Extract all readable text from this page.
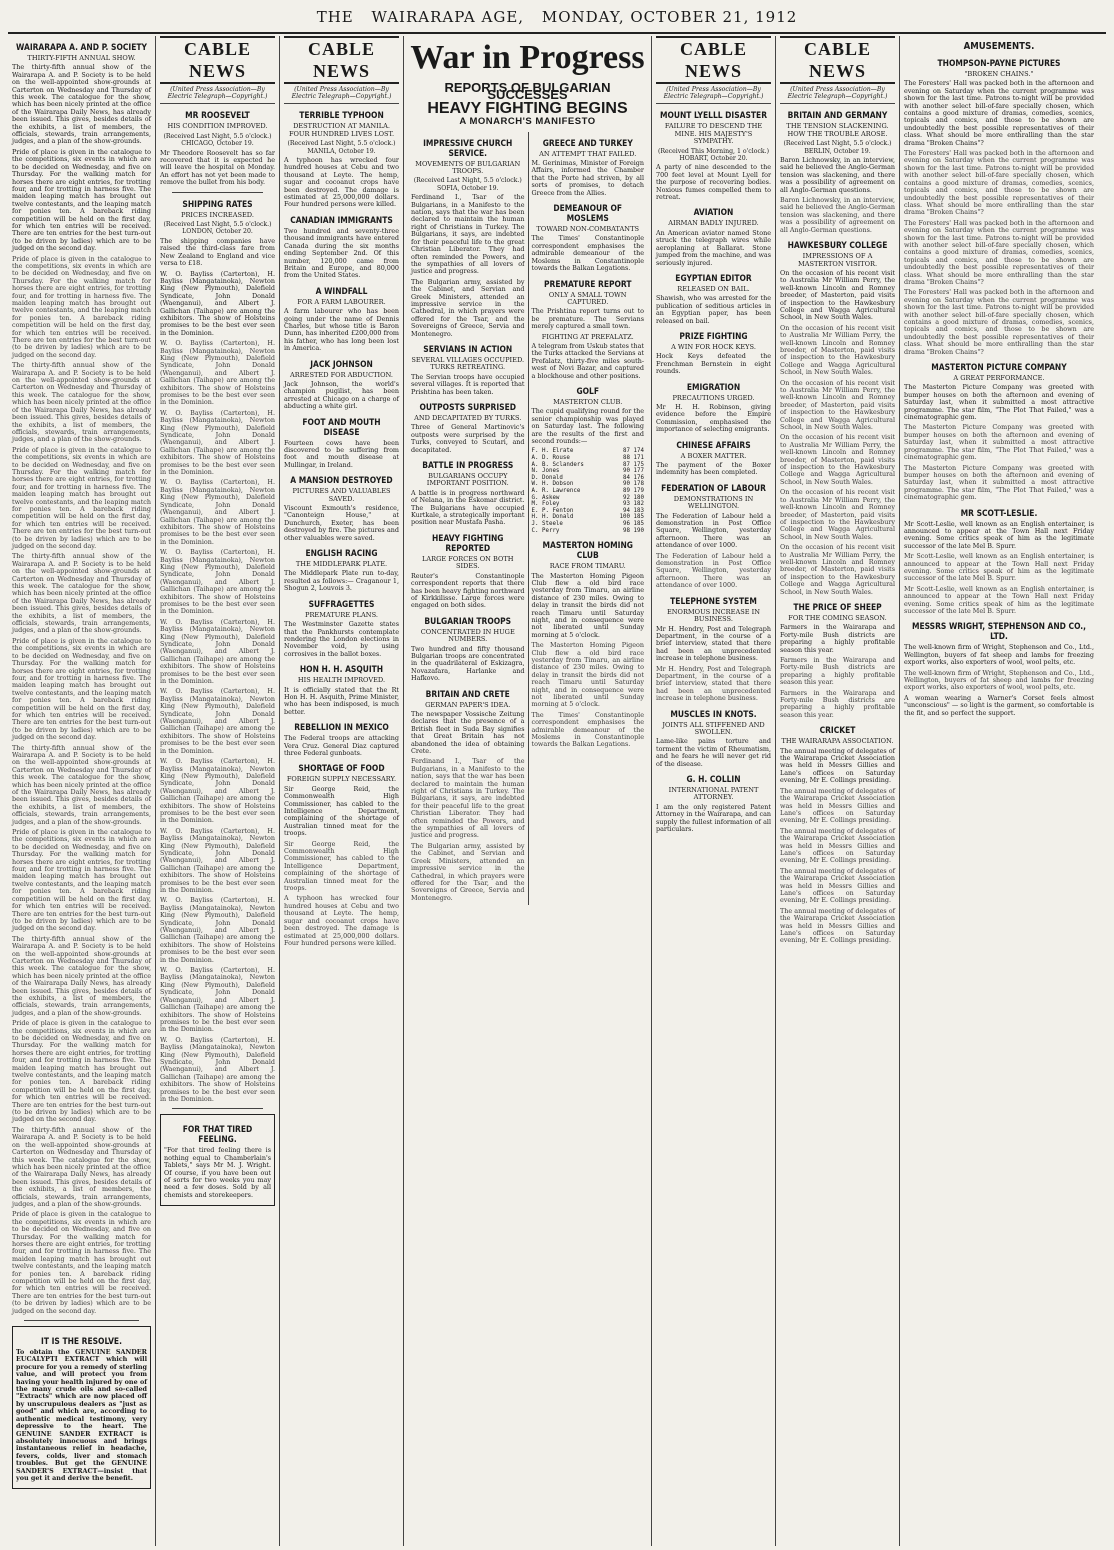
THE WAIRARAPA AGE, MONDAY, OCTOBER 21, 1912
WAIRARAPA A. AND P. SOCIETY
THIRTY-FIFTH ANNUAL SHOW.

The thirty-fifth annual show of the Wairarapa A. and P. Society is to be held on the well-appointed show-grounds at Carterton on Wednesday and Thursday of this week. The catalogue for the show, which has been nicely printed at the office of the Wairarapa Daily News, has already been issued. This gives, besides details of the exhibits, a list of members, the officials, stewards, train arrangements, judges, and a plan of the show-grounds.

Pride of place is given in the catalogue to the competitions, six events in which are to be decided on Wednesday, and five on Thursday. For the walking match for horses there are eight entries, for trotting four, and for trotting in harness five. The maiden leaping match has brought out twelve contestants, and the leaping match for ponies ten. A bareback riding competition will be held on the first day, for which ten entries will be received. There are ten entries for the best turn-out (to be driven by ladies) which are to be judged on the second day.

Pride of place is given in the catalogue to the competitions, six events in which are to be decided on Wednesday, and five on Thursday. For the walking match for horses there are eight entries, for trotting four, and for trotting in harness five. The maiden leaping match has brought out twelve contestants, and the leaping match for ponies ten. A bareback riding competition will be held on the first day, for which ten entries will be received. There are ten entries for the best turn-out (to be driven by ladies) which are to be judged on the second day.

The thirty-fifth annual show of the Wairarapa A. and P. Society is to be held on the well-appointed show-grounds at Carterton on Wednesday and Thursday of this week. The catalogue for the show, which has been nicely printed at the office of the Wairarapa Daily News, has already been issued. This gives, besides details of the exhibits, a list of members, the officials, stewards, train arrangements, judges, and a plan of the show-grounds.

Pride of place is given in the catalogue to the competitions, six events in which are to be decided on Wednesday, and five on Thursday. For the walking match for horses there are eight entries, for trotting four, and for trotting in harness five. The maiden leaping match has brought out twelve contestants, and the leaping match for ponies ten. A bareback riding competition will be held on the first day, for which ten entries will be received. There are ten entries for the best turn-out (to be driven by ladies) which are to be judged on the second day.

The thirty-fifth annual show of the Wairarapa A. and P. Society is to be held on the well-appointed show-grounds at Carterton on Wednesday and Thursday of this week. The catalogue for the show, which has been nicely printed at the office of the Wairarapa Daily News, has already been issued. This gives, besides details of the exhibits, a list of members, the officials, stewards, train arrangements, judges, and a plan of the show-grounds.

Pride of place is given in the catalogue to the competitions, six events in which are to be decided on Wednesday, and five on Thursday. For the walking match for horses there are eight entries, for trotting four, and for trotting in harness five. The maiden leaping match has brought out twelve contestants, and the leaping match for ponies ten. A bareback riding competition will be held on the first day, for which ten entries will be received. There are ten entries for the best turn-out (to be driven by ladies) which are to be judged on the second day.

The thirty-fifth annual show of the Wairarapa A. and P. Society is to be held on the well-appointed show-grounds at Carterton on Wednesday and Thursday of this week. The catalogue for the show, which has been nicely printed at the office of the Wairarapa Daily News, has already been issued. This gives, besides details of the exhibits, a list of members, the officials, stewards, train arrangements, judges, and a plan of the show-grounds.

Pride of place is given in the catalogue to the competitions, six events in which are to be decided on Wednesday, and five on Thursday. For the walking match for horses there are eight entries, for trotting four, and for trotting in harness five. The maiden leaping match has brought out twelve contestants, and the leaping match for ponies ten. A bareback riding competition will be held on the first day, for which ten entries will be received. There are ten entries for the best turn-out (to be driven by ladies) which are to be judged on the second day.

The thirty-fifth annual show of the Wairarapa A. and P. Society is to be held on the well-appointed show-grounds at Carterton on Wednesday and Thursday of this week. The catalogue for the show, which has been nicely printed at the office of the Wairarapa Daily News, has already been issued. This gives, besides details of the exhibits, a list of members, the officials, stewards, train arrangements, judges, and a plan of the show-grounds.

Pride of place is given in the catalogue to the competitions, six events in which are to be decided on Wednesday, and five on Thursday. For the walking match for horses there are eight entries, for trotting four, and for trotting in harness five. The maiden leaping match has brought out twelve contestants, and the leaping match for ponies ten. A bareback riding competition will be held on the first day, for which ten entries will be received. There are ten entries for the best turn-out (to be driven by ladies) which are to be judged on the second day.

The thirty-fifth annual show of the Wairarapa A. and P. Society is to be held on the well-appointed show-grounds at Carterton on Wednesday and Thursday of this week. The catalogue for the show, which has been nicely printed at the office of the Wairarapa Daily News, has already been issued. This gives, besides details of the exhibits, a list of members, the officials, stewards, train arrangements, judges, and a plan of the show-grounds.

Pride of place is given in the catalogue to the competitions, six events in which are to be decided on Wednesday, and five on Thursday. For the walking match for horses there are eight entries, for trotting four, and for trotting in harness five. The maiden leaping match has brought out twelve contestants, and the leaping match for ponies ten. A bareback riding competition will be held on the first day, for which ten entries will be received. There are ten entries for the best turn-out (to be driven by ladies) which are to be judged on the second day.

IT IS THE RESOLVE.

To obtain the GENUINE SANDER EUCALYPTI EXTRACT which will procure for you a remedy of sterling value, and will protect you from having your health injured by one of the many crude oils and so-called "Extracts" which are now placed off by unscrupulous dealers as "just as good" and which are, according to authentic medical testimony, very depressive to the heart. The GENUINE SANDER EXTRACT is absolutely innocuous and brings instantaneous relief in headache, fevers, colds, liver and stomach troubles. But get the GENUINE SANDER'S EXTRACT—insist that you get it and derive the benefit.

CABLE NEWS
(United Press Association—By Electric Telegraph—Copyright.)
MR ROOSEVELT
HIS CONDITION IMPROVED.
(Received Last Night, 5.5 o'clock.) CHICAGO, October 19.

Mr Theodore Roosevelt has so far recovered that it is expected he will leave the hospital on Monday. An effort has not yet been made to remove the bullet from his body.

SHIPPING RATES
PRICES INCREASED.
(Received Last Night, 5.5 o'clock.) LONDON, October 20.

The shipping companies have raised the third-class fare from New Zealand to England and vice versa to £18.

W. O. Bayliss (Carterton), H. Bayliss (Mangatainoka), Newton King (New Plymouth), Dalefield Syndicate, John Donald (Waenganui), and Albert J. Gallichan (Taihape) are among the exhibitors. The show of Holsteins promises to be the best ever seen in the Dominion.

W. O. Bayliss (Carterton), H. Bayliss (Mangatainoka), Newton King (New Plymouth), Dalefield Syndicate, John Donald (Waenganui), and Albert J. Gallichan (Taihape) are among the exhibitors. The show of Holsteins promises to be the best ever seen in the Dominion.

W. O. Bayliss (Carterton), H. Bayliss (Mangatainoka), Newton King (New Plymouth), Dalefield Syndicate, John Donald (Waenganui), and Albert J. Gallichan (Taihape) are among the exhibitors. The show of Holsteins promises to be the best ever seen in the Dominion.

W. O. Bayliss (Carterton), H. Bayliss (Mangatainoka), Newton King (New Plymouth), Dalefield Syndicate, John Donald (Waenganui), and Albert J. Gallichan (Taihape) are among the exhibitors. The show of Holsteins promises to be the best ever seen in the Dominion.

W. O. Bayliss (Carterton), H. Bayliss (Mangatainoka), Newton King (New Plymouth), Dalefield Syndicate, John Donald (Waenganui), and Albert J. Gallichan (Taihape) are among the exhibitors. The show of Holsteins promises to be the best ever seen in the Dominion.

W. O. Bayliss (Carterton), H. Bayliss (Mangatainoka), Newton King (New Plymouth), Dalefield Syndicate, John Donald (Waenganui), and Albert J. Gallichan (Taihape) are among the exhibitors. The show of Holsteins promises to be the best ever seen in the Dominion.

W. O. Bayliss (Carterton), H. Bayliss (Mangatainoka), Newton King (New Plymouth), Dalefield Syndicate, John Donald (Waenganui), and Albert J. Gallichan (Taihape) are among the exhibitors. The show of Holsteins promises to be the best ever seen in the Dominion.

W. O. Bayliss (Carterton), H. Bayliss (Mangatainoka), Newton King (New Plymouth), Dalefield Syndicate, John Donald (Waenganui), and Albert J. Gallichan (Taihape) are among the exhibitors. The show of Holsteins promises to be the best ever seen in the Dominion.

W. O. Bayliss (Carterton), H. Bayliss (Mangatainoka), Newton King (New Plymouth), Dalefield Syndicate, John Donald (Waenganui), and Albert J. Gallichan (Taihape) are among the exhibitors. The show of Holsteins promises to be the best ever seen in the Dominion.

W. O. Bayliss (Carterton), H. Bayliss (Mangatainoka), Newton King (New Plymouth), Dalefield Syndicate, John Donald (Waenganui), and Albert J. Gallichan (Taihape) are among the exhibitors. The show of Holsteins promises to be the best ever seen in the Dominion.

W. O. Bayliss (Carterton), H. Bayliss (Mangatainoka), Newton King (New Plymouth), Dalefield Syndicate, John Donald (Waenganui), and Albert J. Gallichan (Taihape) are among the exhibitors. The show of Holsteins promises to be the best ever seen in the Dominion.

W. O. Bayliss (Carterton), H. Bayliss (Mangatainoka), Newton King (New Plymouth), Dalefield Syndicate, John Donald (Waenganui), and Albert J. Gallichan (Taihape) are among the exhibitors. The show of Holsteins promises to be the best ever seen in the Dominion.

FOR THAT TIRED FEELING.

"For that tired feeling there is nothing equal to Chamberlain's Tablets," says Mr M. J. Wright. Of course, if you have been out of sorts for two weeks you may need a few doses. Sold by all chemists and storekeepers.

CABLE NEWS
(United Press Association—By Electric Telegraph—Copyright.)
TERRIBLE TYPHOON
DESTRUCTION AT MANILA. FOUR HUNDRED LIVES LOST.
(Received Last Night, 5.5 o'clock.) MANILA, October 19.

A typhoon has wrecked four hundred houses at Cebu and two thousand at Leyte. The hemp, sugar and cocoanut crops have been destroyed. The damage is estimated at 25,000,000 dollars. Four hundred persons were killed.

CANADIAN IMMIGRANTS

Two hundred and seventy-three thousand immigrants have entered Canada during the six months ending September 2nd. Of this number, 120,000 came from Britain and Europe, and 80,000 from the United States.

A WINDFALL
FOR A FARM LABOURER.

A farm labourer who has been going under the name of Dennis Charles, but whose title is Baron Dunn, has inherited £200,000 from his father, who has long been lost in America.

JACK JOHNSON
ARRESTED FOR ABDUCTION.

Jack Johnson, the world's champion pugilist, has been arrested at Chicago on a charge of abducting a white girl.

FOOT AND MOUTH DISEASE

Fourteen cows have been discovered to be suffering from foot and mouth disease at Mullingar, in Ireland.

A MANSION DESTROYED
PICTURES AND VALUABLES SAVED.

Viscount Exmouth's residence, "Canonteign House," at Dunchurch, Exeter, has been destroyed by fire. The pictures and other valuables were saved.

ENGLISH RACING
THE MIDDLEPARK PLATE.

The Middlepark Plate run to-day, resulted as follows:— Craganour 1, Shogun 2, Louvois 3.

SUFFRAGETTES
PREMATURE PLANS.

The Westminster Gazette states that the Pankhursts contemplate rendering the London elections in November void, by using corrosives in the ballot boxes.

HON H. H. ASQUITH
HIS HEALTH IMPROVED.

It is officially stated that the Rt Hon H. H. Asquith, Prime Minister, who has been indisposed, is much better.

REBELLION IN MEXICO

The Federal troops are attacking Vera Cruz. General Diaz captured three Federal gunboats.

SHORTAGE OF FOOD
FOREIGN SUPPLY NECESSARY.

Sir George Reid, the Commonwealth High Commissioner, has cabled to the Intelligence Department, complaining of the shortage of Australian tinned meat for the troops.

Sir George Reid, the Commonwealth High Commissioner, has cabled to the Intelligence Department, complaining of the shortage of Australian tinned meat for the troops.

A typhoon has wrecked four hundred houses at Cebu and two thousand at Leyte. The hemp, sugar and cocoanut crops have been destroyed. The damage is estimated at 25,000,000 dollars. Four hundred persons were killed.

War in Progress
REPORTS OF BULGARIAN SUCCESSES
HEAVY FIGHTING BEGINS
A MONARCH'S MANIFESTO
IMPRESSIVE CHURCH SERVICE.
MOVEMENTS OF BULGARIAN TROOPS.
(Received Last Night, 5.5 o'clock.) SOFIA, October 19.

Ferdinand I., Tsar of the Bulgarians, in a Manifesto to the nation, says that the war has been declared to maintain the human right of Christians in Turkey. The Bulgarians, it says, are indebted for their peaceful life to the great Christian Liberator. They had often reminded the Powers, and the sympathies of all lovers of justice and progress.

The Bulgarian army, assisted by the Cabinet, and Servian and Greek Ministers, attended an impressive service in the Cathedral, in which prayers were offered for the Tsar, and the Sovereigns of Greece, Servia and Montenegro.

SERVIANS IN ACTION
SEVERAL VILLAGES OCCUPIED. TURKS RETREATING.

The Servian troops have occupied several villages. It is reported that Prishtina has been taken.

OUTPOSTS SURPRISED
AND DECAPITATED BY TURKS.

Three of General Martinovic's outposts were surprised by the Turks, conveyed to Scutari, and decapitated.

BATTLE IN PROGRESS
BULGARIANS OCCUPY IMPORTANT POSITION.

A battle is in progress northward of Nelana, in the Eskomar district. The Bulgarians have occupied Kurtkale, a strategically important position near Mustafa Pasha.

HEAVY FIGHTING REPORTED
LARGE FORCES ON BOTH SIDES.

Reuter's Constantinople correspondent reports that there has been heavy fighting northward of Kirkkilisse. Large forces were engaged on both sides.

BULGARIAN TROOPS
CONCENTRATED IN HUGE NUMBERS.

Two hundred and fifty thousand Bulgarian troops are concentrated in the quadrilateral of Eskizagra, Novazafara, Harlanke and Hafkovo.

BRITAIN AND CRETE
GERMAN PAPER'S IDEA.

The newspaper Vossische Zeitung declares that the presence of a British fleet in Suda Bay signifies that Great Britain has not abandoned the idea of obtaining Crete.

Ferdinand I., Tsar of the Bulgarians, in a Manifesto to the nation, says that the war has been declared to maintain the human right of Christians in Turkey. The Bulgarians, it says, are indebted for their peaceful life to the great Christian Liberator. They had often reminded the Powers, and the sympathies of all lovers of justice and progress.

The Bulgarian army, assisted by the Cabinet, and Servian and Greek Ministers, attended an impressive service in the Cathedral, in which prayers were offered for the Tsar, and the Sovereigns of Greece, Servia and Montenegro.

GREECE AND TURKEY
AN ATTEMPT THAT FAILED.

M. Gerinimas, Minister of Foreign Affairs, informed the Chamber that the Porte had striven, by all sorts of promises, to detach Greece from the Allies.

DEMEANOUR OF MOSLEMS
TOWARD NON-COMBATANTS

The Times' Constantinople correspondent emphasises the admirable demeanour of the Moslems in Constantinople towards the Balkan Legations.

PREMATURE REPORT
ONLY A SMALL TOWN CAPTURED.

The Prishtina report turns out to be premature. The Servians merely captured a small town.

FIGHTING AT PREFALATZ.

A telegram from Uskub states that the Turks attacked the Servians at Prefalatz, thirty-five miles south-west of Novi Bazar, and captured a blockhouse and other positions.

GOLF
MASTERTON CLUB.

The cupid qualifying round for the senior championship was played on Saturday last. The following are the results of the first and second rounds:—

F. H. Elrate	87 174
A. D. Rouse	88 171
A. B. Sclanders	87 175
N. Jones	90 177
D. Donald	84 176
W. H. Dobson	90 178
A. R. Lawrence	89 179
G. Askew	92 180
M. Foley	93 182
E. P. Fenton	94 183
H. H. Donald	100 185
J. Steele	96 185
C. Perry	98 190
MASTERTON HOMING CLUB
RACE FROM TIMARU.

The Masterton Homing Pigeon Club flew a old bird race yesterday from Timaru, an airline distance of 230 miles. Owing to delay in transit the birds did not reach Timaru until Saturday night, and in consequence were not liberated until Sunday morning at 5 o'clock.

The Masterton Homing Pigeon Club flew a old bird race yesterday from Timaru, an airline distance of 230 miles. Owing to delay in transit the birds did not reach Timaru until Saturday night, and in consequence were not liberated until Sunday morning at 5 o'clock.

The Times' Constantinople correspondent emphasises the admirable demeanour of the Moslems in Constantinople towards the Balkan Legations.

CABLE NEWS
(United Press Association—By Electric Telegraph—Copyright.)
MOUNT LYELLL DISASTER
FAILURE TO DESCEND THE MINE. HIS MAJESTY'S SYMPATHY.
(Received This Morning, 1 o'clock.) HOBART, October 20.

A party of nine descended to the 700 feet level at Mount Lyell for the purpose of recovering bodies. Noxious fumes compelled them to retreat.

AVIATION
AIRMAN BADLY INJURED.

An American aviator named Stone struck the telegraph wires while aeroplaning at Ballarat. Stone jumped from the machine, and was seriously injured.

EGYPTIAN EDITOR
RELEASED ON BAIL.

Shawish, who was arrested for the publication of seditious articles in an Egyptian paper, has been released on bail.

PRIZE FIGHTING
A WIN FOR HOCK KEYS.

Hock Keys defeated the Frenchman Bernstein in eight rounds.

EMIGRATION
PRECAUTIONS URGED.

Mr H. H. Robinson, giving evidence before the Empire Commission, emphasised the importance of selecting emigrants.

CHINESE AFFAIRS
A BOXER MATTER.

The payment of the Boxer indemnity has been completed.

FEDERATION OF LABOUR
DEMONSTRATIONS IN WELLINGTON.

The Federation of Labour held a demonstration in Post Office Square, Wellington, yesterday afternoon. There was an attendance of over 1000.

The Federation of Labour held a demonstration in Post Office Square, Wellington, yesterday afternoon. There was an attendance of over 1000.

TELEPHONE SYSTEM
ENORMOUS INCREASE IN BUSINESS.

Mr H. Hendry, Post and Telegraph Department, in the course of a brief interview, stated that there had been an unprecedented increase in telephone business.

Mr H. Hendry, Post and Telegraph Department, in the course of a brief interview, stated that there had been an unprecedented increase in telephone business.

MUSCLES IN KNOTS.
JOINTS ALL STIFFENED AND SWOLLEN.

Lame-like pains torture and torment the victim of Rheumatism, and he fears he will never get rid of the disease.

G. H. COLLIN
INTERNATIONAL PATENT ATTORNEY.

I am the only registered Patent Attorney in the Wairarapa, and can supply the fullest information of all particulars.

CABLE NEWS
(United Press Association—By Electric Telegraph—Copyright.)
BRITAIN AND GERMANY
THE TENSION SLACKENING. HOW THE TROUBLE AROSE.
(Received Last Night, 5.5 o'clock.) BERLIN, October 19.

Baron Lichnowsky, in an interview, said he believed the Anglo-German tension was slackening, and there was a possibility of agreement on all Anglo-German questions.

Baron Lichnowsky, in an interview, said he believed the Anglo-German tension was slackening, and there was a possibility of agreement on all Anglo-German questions.

HAWKESBURY COLLEGE
IMPRESSIONS OF A MASTERTON VISITOR.

On the occasion of his recent visit to Australia Mr William Perry, the well-known Lincoln and Romney breeder, of Masterton, paid visits of inspection to the Hawkesbury College and Wagga Agricultural School, in New South Wales.

On the occasion of his recent visit to Australia Mr William Perry, the well-known Lincoln and Romney breeder, of Masterton, paid visits of inspection to the Hawkesbury College and Wagga Agricultural School, in New South Wales.

On the occasion of his recent visit to Australia Mr William Perry, the well-known Lincoln and Romney breeder, of Masterton, paid visits of inspection to the Hawkesbury College and Wagga Agricultural School, in New South Wales.

On the occasion of his recent visit to Australia Mr William Perry, the well-known Lincoln and Romney breeder, of Masterton, paid visits of inspection to the Hawkesbury College and Wagga Agricultural School, in New South Wales.

On the occasion of his recent visit to Australia Mr William Perry, the well-known Lincoln and Romney breeder, of Masterton, paid visits of inspection to the Hawkesbury College and Wagga Agricultural School, in New South Wales.

On the occasion of his recent visit to Australia Mr William Perry, the well-known Lincoln and Romney breeder, of Masterton, paid visits of inspection to the Hawkesbury College and Wagga Agricultural School, in New South Wales.

THE PRICE OF SHEEP
FOR THE COMING SEASON.

Farmers in the Wairarapa and Forty-mile Bush districts are preparing a highly profitable season this year.

Farmers in the Wairarapa and Forty-mile Bush districts are preparing a highly profitable season this year.

Farmers in the Wairarapa and Forty-mile Bush districts are preparing a highly profitable season this year.

CRICKET
THE WAIRARAPA ASSOCIATION.

The annual meeting of delegates of the Wairarapa Cricket Association was held in Messrs Gillies and Lane's offices on Saturday evening, Mr E. Collings presiding.

The annual meeting of delegates of the Wairarapa Cricket Association was held in Messrs Gillies and Lane's offices on Saturday evening, Mr E. Collings presiding.

The annual meeting of delegates of the Wairarapa Cricket Association was held in Messrs Gillies and Lane's offices on Saturday evening, Mr E. Collings presiding.

The annual meeting of delegates of the Wairarapa Cricket Association was held in Messrs Gillies and Lane's offices on Saturday evening, Mr E. Collings presiding.

The annual meeting of delegates of the Wairarapa Cricket Association was held in Messrs Gillies and Lane's offices on Saturday evening, Mr E. Collings presiding.

AMUSEMENTS.
THOMPSON-PAYNE PICTURES
"BROKEN CHAINS."

The Foresters' Hall was packed both in the afternoon and evening on Saturday when the current programme was shown for the last time. Patrons to-night will be provided with another select bill-of-fare specially chosen, which contains a good mixture of dramas, comedies, scenics, topicals and comics, and those to be shown are undoubtedly the best possible representatives of their class. What should be more enthralling than the star drama "Broken Chains"?

The Foresters' Hall was packed both in the afternoon and evening on Saturday when the current programme was shown for the last time. Patrons to-night will be provided with another select bill-of-fare specially chosen, which contains a good mixture of dramas, comedies, scenics, topicals and comics, and those to be shown are undoubtedly the best possible representatives of their class. What should be more enthralling than the star drama "Broken Chains"?

The Foresters' Hall was packed both in the afternoon and evening on Saturday when the current programme was shown for the last time. Patrons to-night will be provided with another select bill-of-fare specially chosen, which contains a good mixture of dramas, comedies, scenics, topicals and comics, and those to be shown are undoubtedly the best possible representatives of their class. What should be more enthralling than the star drama "Broken Chains"?

The Foresters' Hall was packed both in the afternoon and evening on Saturday when the current programme was shown for the last time. Patrons to-night will be provided with another select bill-of-fare specially chosen, which contains a good mixture of dramas, comedies, scenics, topicals and comics, and those to be shown are undoubtedly the best possible representatives of their class. What should be more enthralling than the star drama "Broken Chains"?

MASTERTON PICTURE COMPANY
A GREAT PERFORMANCE.

The Masterton Picture Company was greeted with bumper houses on both the afternoon and evening of Saturday last, when it submitted a most attractive programme. The star film, "The Plot That Failed," was a cinematographic gem.

The Masterton Picture Company was greeted with bumper houses on both the afternoon and evening of Saturday last, when it submitted a most attractive programme. The star film, "The Plot That Failed," was a cinematographic gem.

The Masterton Picture Company was greeted with bumper houses on both the afternoon and evening of Saturday last, when it submitted a most attractive programme. The star film, "The Plot That Failed," was a cinematographic gem.

MR SCOTT-LESLIE.

Mr Scott-Leslie, well known as an English entertainer, is announced to appear at the Town Hall next Friday evening. Some critics speak of him as the legitimate successor of the late Mel B. Spurr.

Mr Scott-Leslie, well known as an English entertainer, is announced to appear at the Town Hall next Friday evening. Some critics speak of him as the legitimate successor of the late Mel B. Spurr.

Mr Scott-Leslie, well known as an English entertainer, is announced to appear at the Town Hall next Friday evening. Some critics speak of him as the legitimate successor of the late Mel B. Spurr.

MESSRS WRIGHT, STEPHENSON AND CO., LTD.

The well-known firm of Wright, Stephenson and Co., Ltd., Wellington, buyers of fat sheep and lambs for freezing export works, also exporters of wool, wool pelts, etc.

The well-known firm of Wright, Stephenson and Co., Ltd., Wellington, buyers of fat sheep and lambs for freezing export works, also exporters of wool, wool pelts, etc.

A woman wearing a Warner's Corset feels almost "unconscious" — so light is the garment, so comfortable is the fit, and so perfect the support.
